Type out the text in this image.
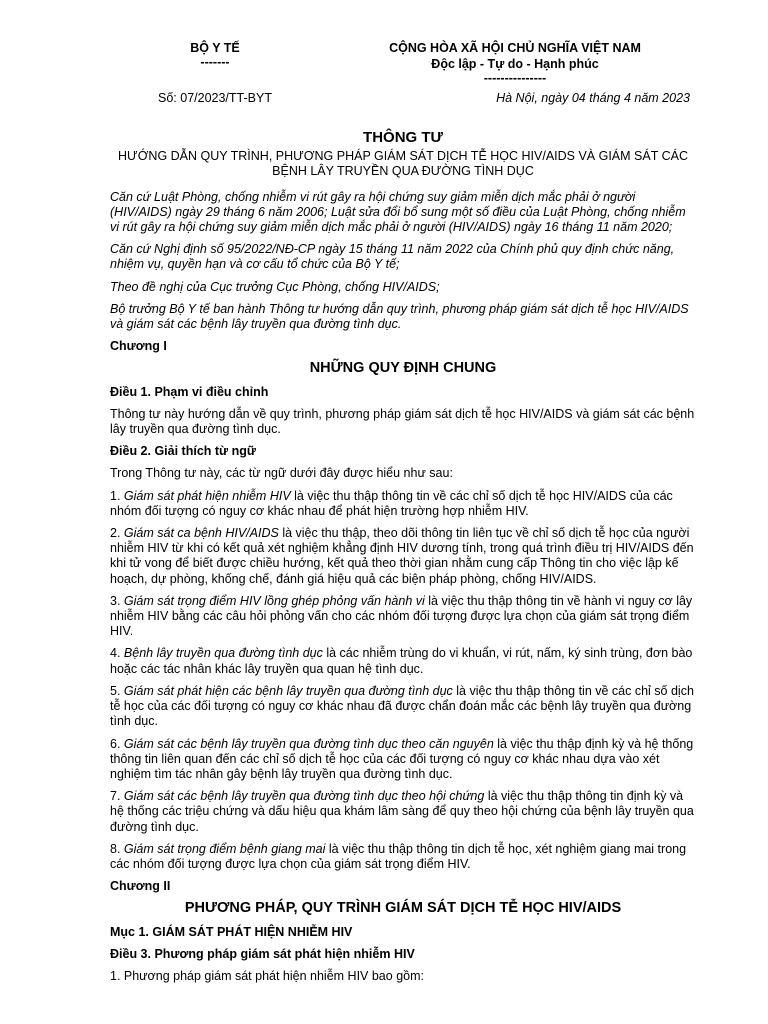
BỘ Y TẾ
-------
CỘNG HÒA XÃ HỘI CHỦ NGHĨA VIỆT NAM
Độc lập - Tự do - Hạnh phúc
---------------
Số: 07/2023/TT-BYT	Hà Nội, ngày 04 tháng 4 năm 2023

THÔNG TƯ

HƯỚNG DẪN QUY TRÌNH, PHƯƠNG PHÁP GIÁM SÁT DỊCH TỄ HỌC HIV/AIDS VÀ GIÁM SÁT CÁC BỆNH LÂY TRUYỀN QUA ĐƯỜNG TÌNH DỤC

Căn cứ Luật Phòng, chống nhiễm vi rút gây ra hội chứng suy giảm miễn dịch mắc phải ở người (HIV/AIDS) ngày 29 tháng 6 năm 2006; Luật sửa đổi bổ sung một số điều của Luật Phòng, chống nhiễm vi rút gây ra hội chứng suy giảm miễn dịch mắc phải ở người (HIV/AIDS) ngày 16 tháng 11 năm 2020;

Căn cứ Nghị định số 95/2022/NĐ-CP ngày 15 tháng 11 năm 2022 của Chính phủ quy định chức năng, nhiệm vụ, quyền hạn và cơ cấu tổ chức của Bộ Y tế;

Theo đề nghị của Cục trưởng Cục Phòng, chống HIV/AIDS;

Bộ trưởng Bộ Y tế ban hành Thông tư hướng dẫn quy trình, phương pháp giám sát dịch tễ học HIV/AIDS và giám sát các bệnh lây truyền qua đường tình dục.

Chương I

NHỮNG QUY ĐỊNH CHUNG

Điều 1. Phạm vi điều chỉnh

Thông tư này hướng dẫn về quy trình, phương pháp giám sát dịch tễ học HIV/AIDS và giám sát các bệnh lây truyền qua đường tình dục.

Điều 2. Giải thích từ ngữ

Trong Thông tư này, các từ ngữ dưới đây được hiểu như sau:

1. Giám sát phát hiện nhiễm HIV là việc thu thập thông tin về các chỉ số dịch tễ học HIV/AIDS của các nhóm đối tượng có nguy cơ khác nhau để phát hiện trường hợp nhiễm HIV.

2. Giám sát ca bệnh HIV/AIDS là việc thu thập, theo dõi thông tin liên tục về chỉ số dịch tễ học của người nhiễm HIV từ khi có kết quả xét nghiệm khẳng định HIV dương tính, trong quá trình điều trị HIV/AIDS đến khi tử vong để biết được chiều hướng, kết quả theo thời gian nhằm cung cấp Thông tin cho việc lập kế hoạch, dự phòng, khống chế, đánh giá hiệu quả các biện pháp phòng, chống HIV/AIDS.

3. Giám sát trọng điểm HIV lồng ghép phỏng vấn hành vi là việc thu thập thông tin về hành vi nguy cơ lây nhiễm HIV bằng các câu hỏi phỏng vấn cho các nhóm đối tượng được lựa chọn của giám sát trọng điểm HIV.

4. Bệnh lây truyền qua đường tình dục là các nhiễm trùng do vi khuẩn, vi rút, nấm, ký sinh trùng, đơn bào hoặc các tác nhân khác lây truyền qua quan hệ tình dục.

5. Giám sát phát hiện các bệnh lây truyền qua đường tình dục là việc thu thập thông tin về các chỉ số dịch tễ học của các đối tượng có nguy cơ khác nhau đã được chẩn đoán mắc các bệnh lây truyền qua đường tình dục.

6. Giám sát các bệnh lây truyền qua đường tình dục theo căn nguyên là việc thu thập định kỳ và hệ thống thông tin liên quan đến các chỉ số dịch tễ học của các đối tượng có nguy cơ khác nhau dựa vào xét nghiệm tìm tác nhân gây bệnh lây truyền qua đường tình dục.

7. Giám sát các bệnh lây truyền qua đường tình dục theo hội chứng là việc thu thập thông tin định kỳ và hệ thống các triệu chứng và dấu hiệu qua khám lâm sàng để quy theo hội chứng của bệnh lây truyền qua đường tình dục.

8. Giám sát trọng điểm bệnh giang mai là việc thu thập thông tin dịch tễ học, xét nghiệm giang mai trong các nhóm đối tượng được lựa chọn của giám sát trọng điểm HIV.

Chương II

PHƯƠNG PHÁP, QUY TRÌNH GIÁM SÁT DỊCH TỄ HỌC HIV/AIDS

Mục 1. GIÁM SÁT PHÁT HIỆN NHIỄM HIV

Điều 3. Phương pháp giám sát phát hiện nhiễm HIV

1. Phương pháp giám sát phát hiện nhiễm HIV bao gồm:
